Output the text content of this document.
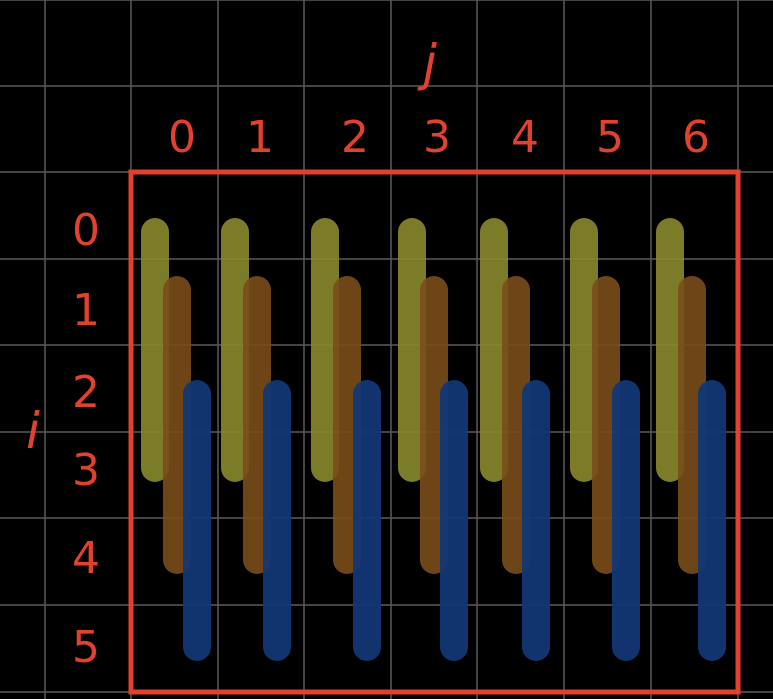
j
i
0 1 2 3 4 5 6
0
1
2
3
4
5
